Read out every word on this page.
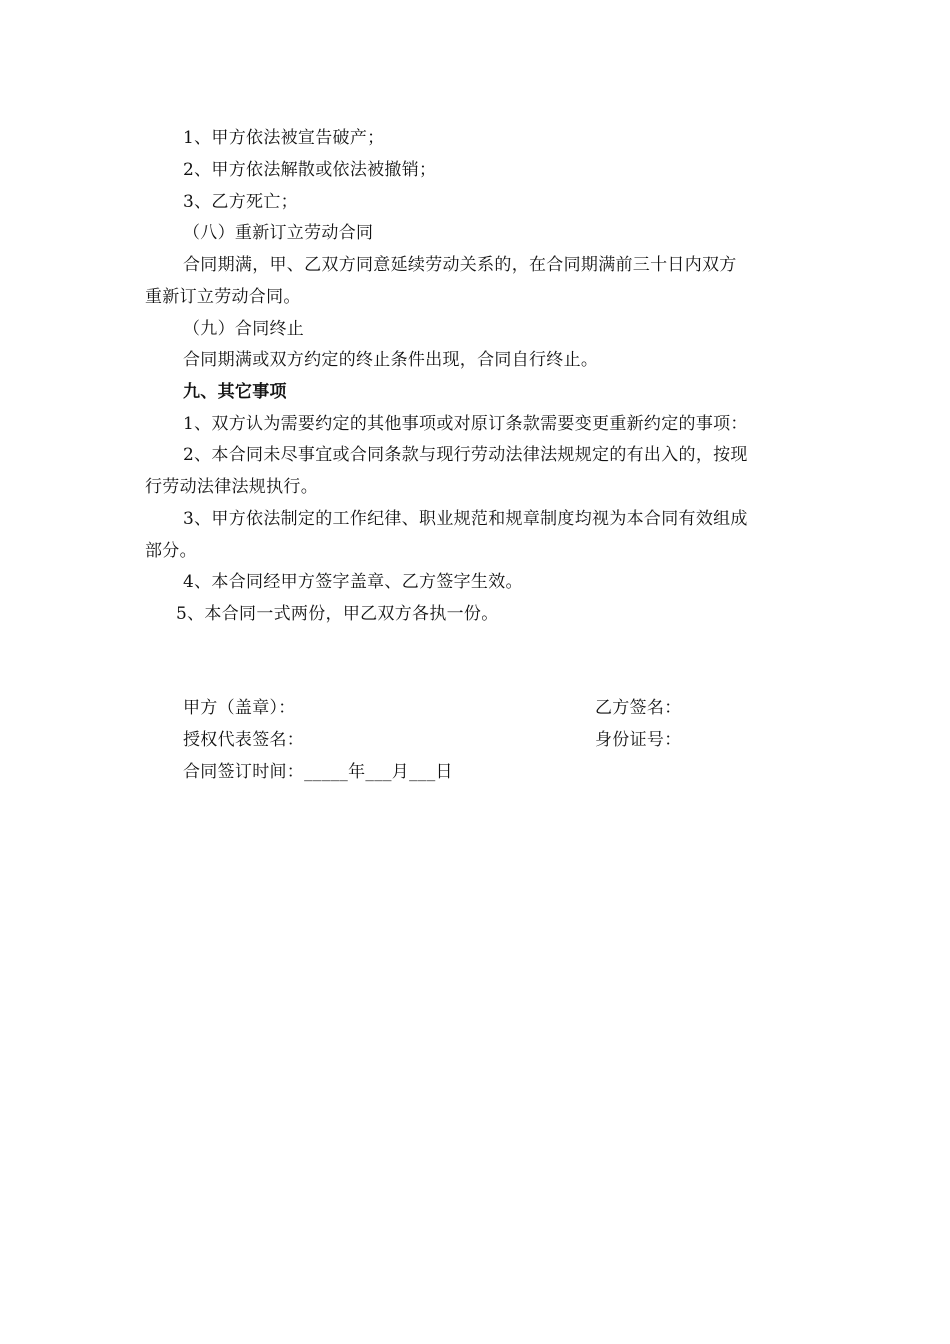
1、甲方依法被宣告破产；
2、甲方依法解散或依法被撤销；
3、乙方死亡；
（八）重新订立劳动合同
合同期满，甲、乙双方同意延续劳动关系的，在合同期满前三十日内双方
重新订立劳动合同。
（九）合同终止
合同期满或双方约定的终止条件出现，合同自行终止。
九、其它事项
1、双方认为需要约定的其他事项或对原订条款需要变更重新约定的事项：
2、本合同未尽事宜或合同条款与现行劳动法律法规规定的有出入的，按现
行劳动法律法规执行。
3、甲方依法制定的工作纪律、职业规范和规章制度均视为本合同有效组成
部分。
4、本合同经甲方签字盖章、乙方签字生效。
5、本合同一式两份，甲乙双方各执一份。
甲方（盖章）：	乙方签名：
授权代表签名：	身份证号：
合同签订时间：_____年___月___日
